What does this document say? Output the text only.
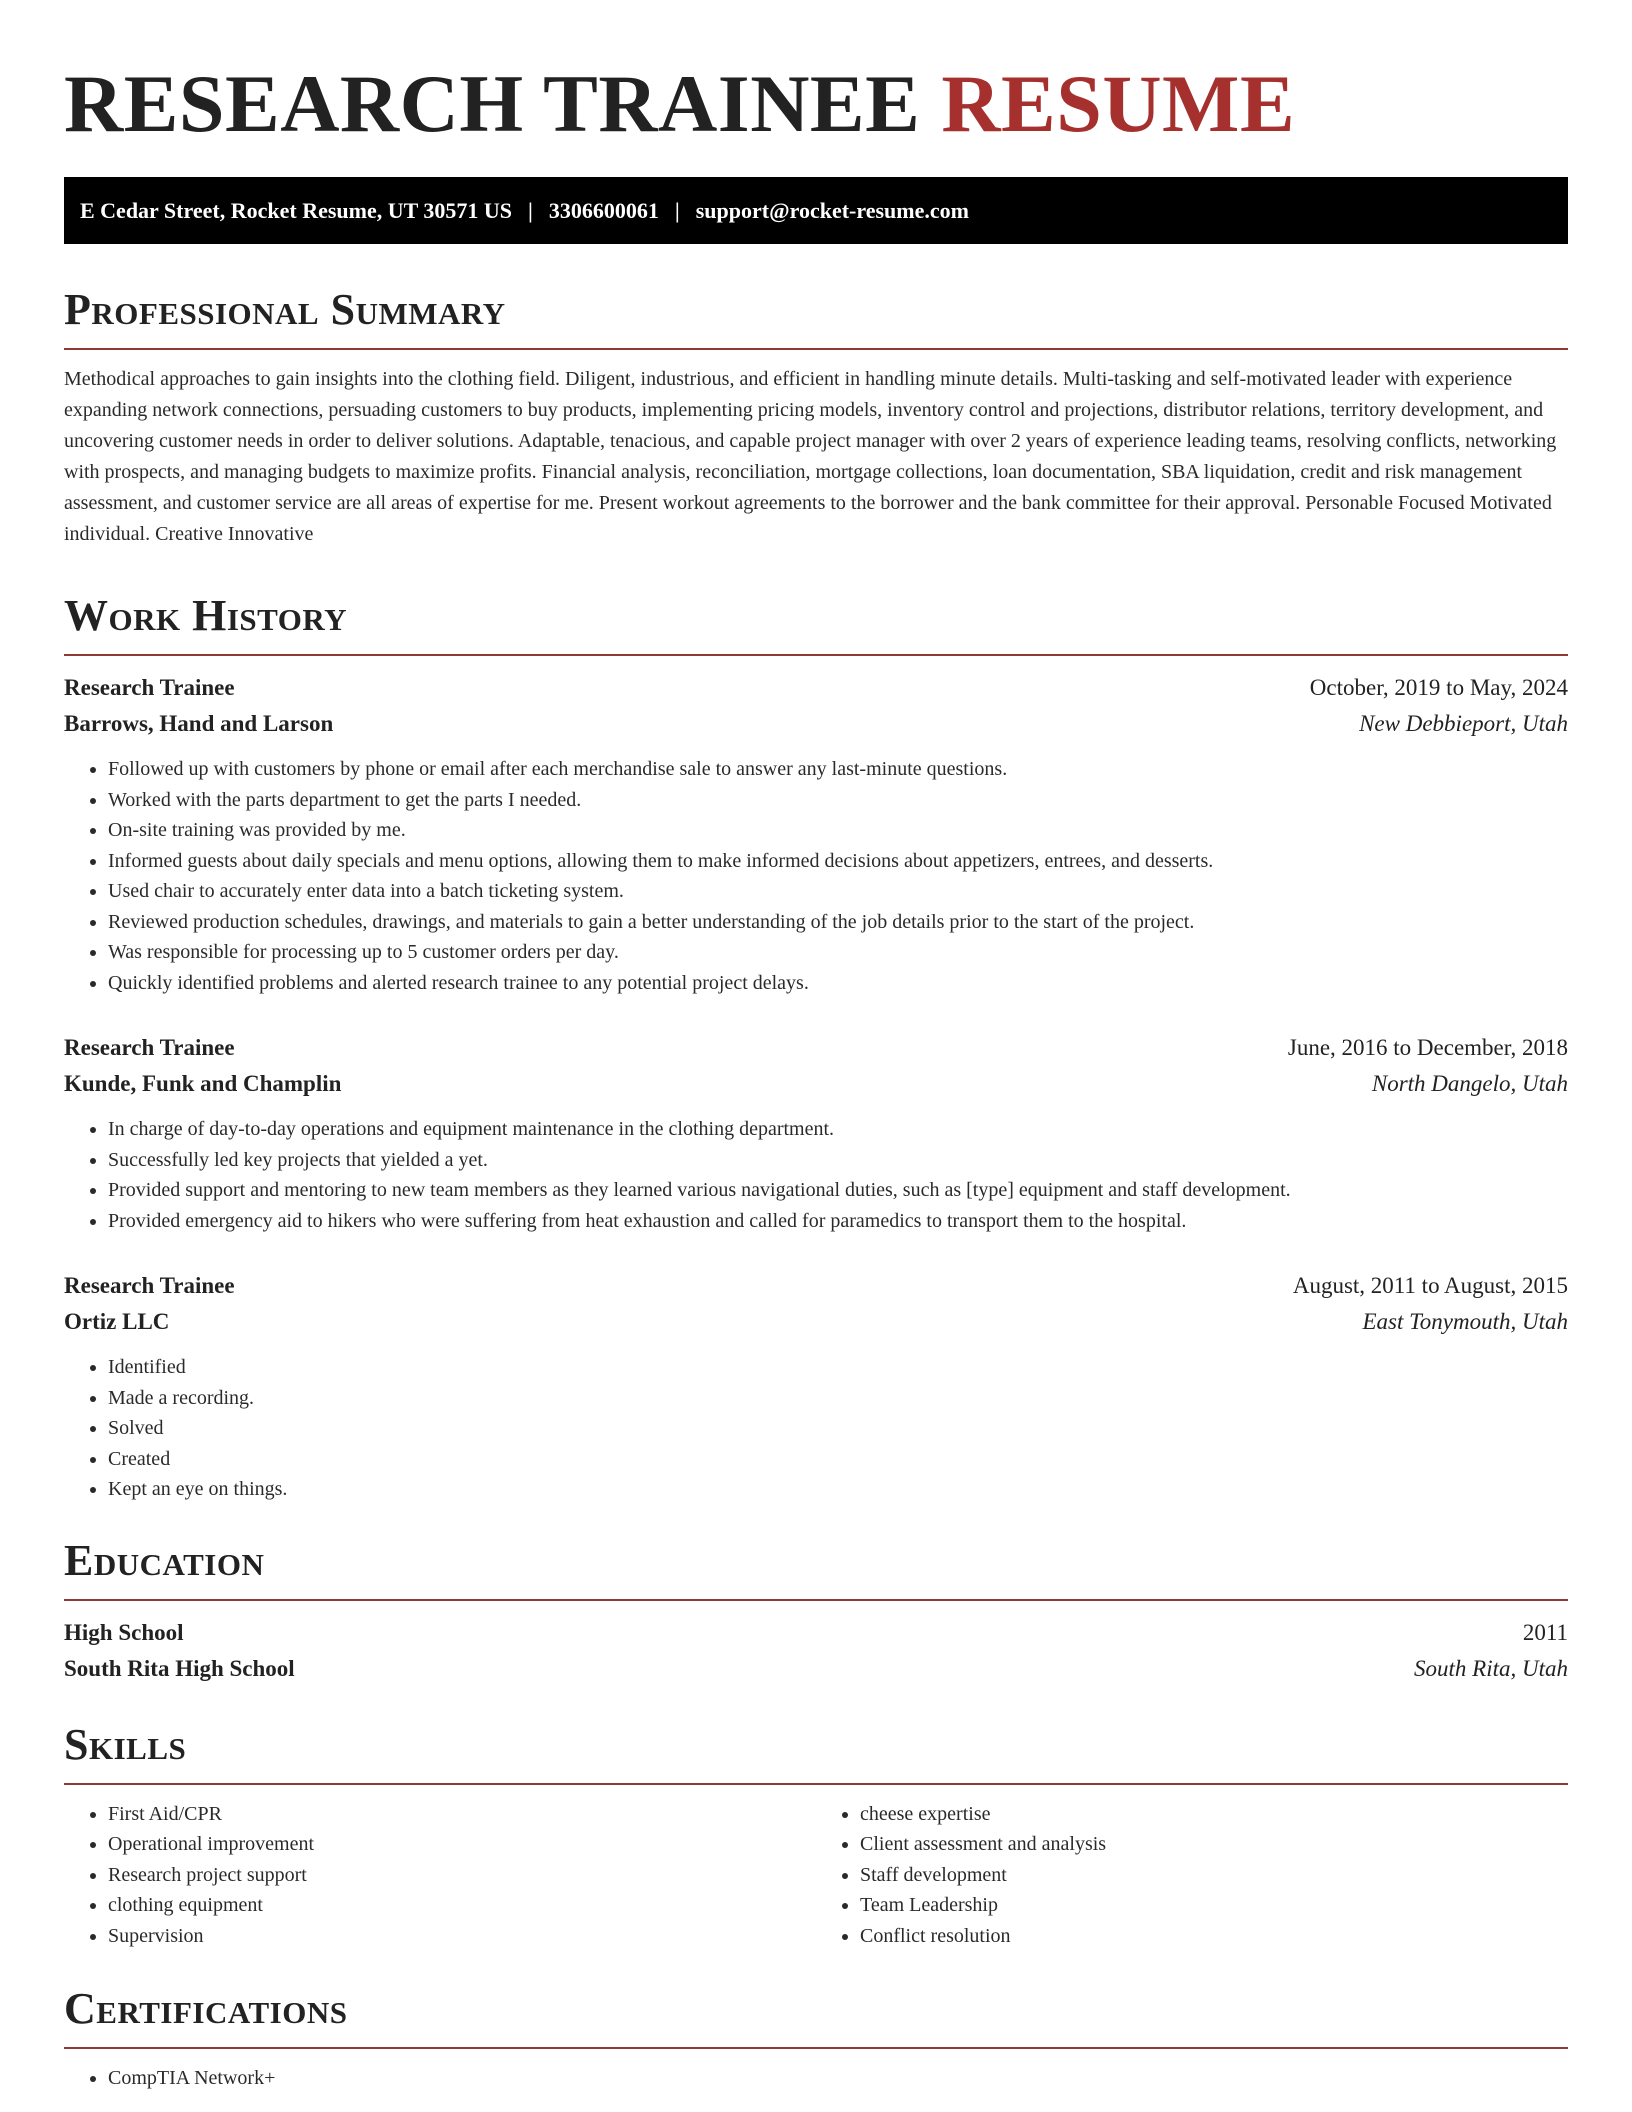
RESEARCH TRAINEE RESUME
E Cedar Street, Rocket Resume, UT 30571 US | 3306600061 | support@rocket-resume.com
Professional Summary

Methodical approaches to gain insights into the clothing field. Diligent, industrious, and efficient in handling minute details. Multi-tasking and self-motivated leader with experience expanding network connections, persuading customers to buy products, implementing pricing models, inventory control and projections, distributor relations, territory development, and uncovering customer needs in order to deliver solutions. Adaptable, tenacious, and capable project manager with over 2 years of experience leading teams, resolving conflicts, networking with prospects, and managing budgets to maximize profits. Financial analysis, reconciliation, mortgage collections, loan documentation, SBA liquidation, credit and risk management assessment, and customer service are all areas of expertise for me. Present workout agreements to the borrower and the bank committee for their approval. Personable Focused Motivated individual. Creative Innovative

Work History
Research Trainee	October, 2019 to May, 2024
Barrows, Hand and Larson	New Debbieport, Utah
• Followed up with customers by phone or email after each merchandise sale to answer any last-minute questions.
• Worked with the parts department to get the parts I needed.
• On-site training was provided by me.
• Informed guests about daily specials and menu options, allowing them to make informed decisions about appetizers, entrees, and desserts.
• Used chair to accurately enter data into a batch ticketing system.
• Reviewed production schedules, drawings, and materials to gain a better understanding of the job details prior to the start of the project.
• Was responsible for processing up to 5 customer orders per day.
• Quickly identified problems and alerted research trainee to any potential project delays.
Research Trainee	June, 2016 to December, 2018
Kunde, Funk and Champlin	North Dangelo, Utah
• In charge of day-to-day operations and equipment maintenance in the clothing department.
• Successfully led key projects that yielded a yet.
• Provided support and mentoring to new team members as they learned various navigational duties, such as [type] equipment and staff development.
• Provided emergency aid to hikers who were suffering from heat exhaustion and called for paramedics to transport them to the hospital.
Research Trainee	August, 2011 to August, 2015
Ortiz LLC	East Tonymouth, Utah
• Identified
• Made a recording.
• Solved
• Created
• Kept an eye on things.
Education
High School	2011
South Rita High School	South Rita, Utah
Skills
• First Aid/CPR
• Operational improvement
• Research project support
• clothing equipment
• Supervision
• cheese expertise
• Client assessment and analysis
• Staff development
• Team Leadership
• Conflict resolution
Certifications
• CompTIA Network+
